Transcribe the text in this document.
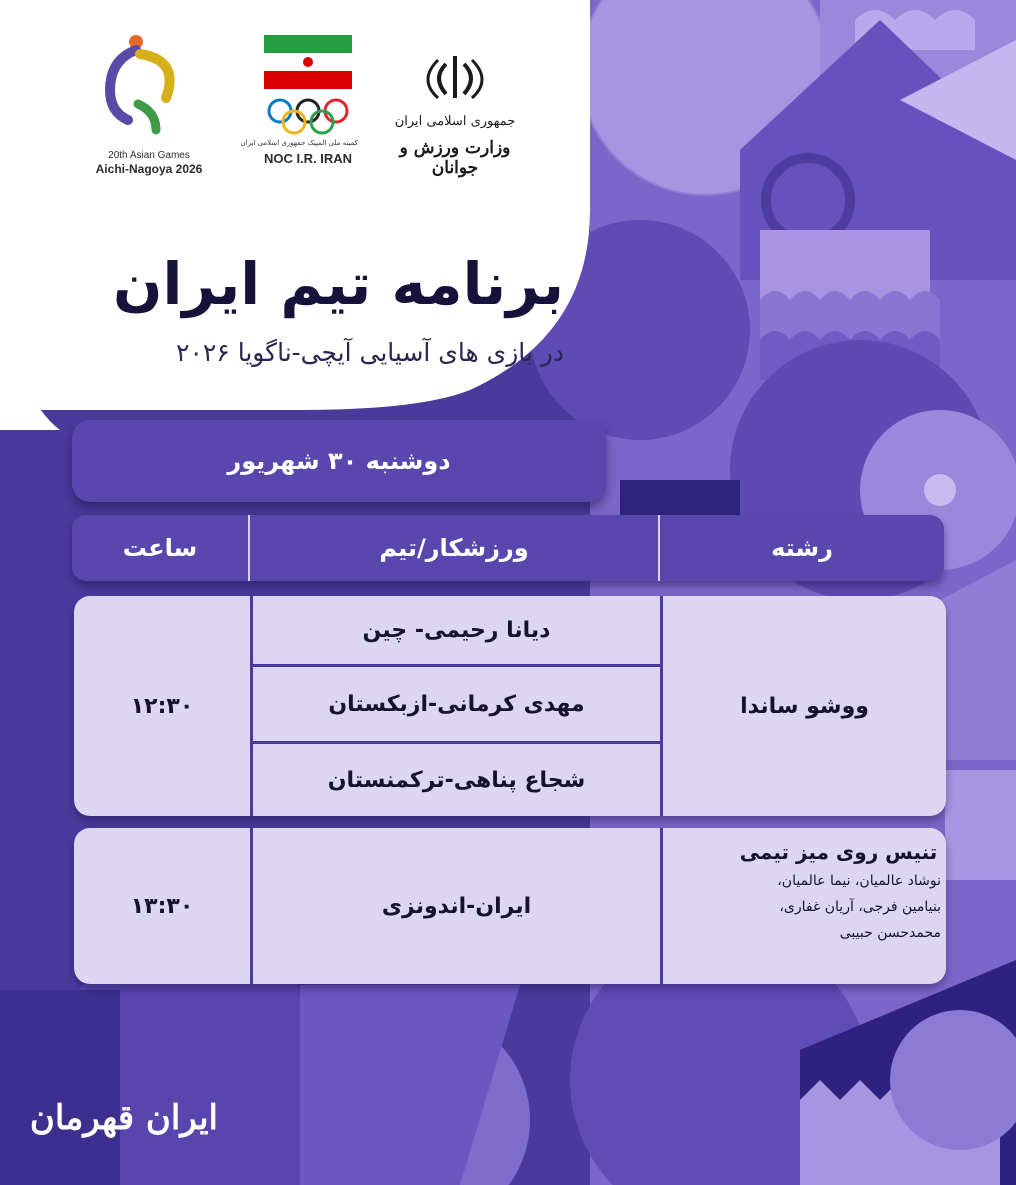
20th Asian Games
Aichi-Nagoya 2026
کمیته ملی المپیک جمهوری اسلامی ایران
NOC I.R. IRAN
جمهوری اسلامی ایران
وزارت ورزش و جوانان
برنامه تیم ایران
در بازی های آسیایی آیچی-ناگویا ۲۰۲۶
دوشنبه ۳۰ شهریور
رشته
ورزشکار/تیم
ساعت
ووشو ساندا
دیانا رحیمی- چین
مهدی کرمانی-ازبکستان
شجاع پناهی-ترکمنستان
۱۲:۳۰
تنیس روی میز تیمی
نوشاد عالمیان، نیما عالمیان،
بنیامین فرجی، آریان غفاری،
محمدحسن حبیبی
ایران-اندونزی
۱۳:۳۰
ایران قهرمان
